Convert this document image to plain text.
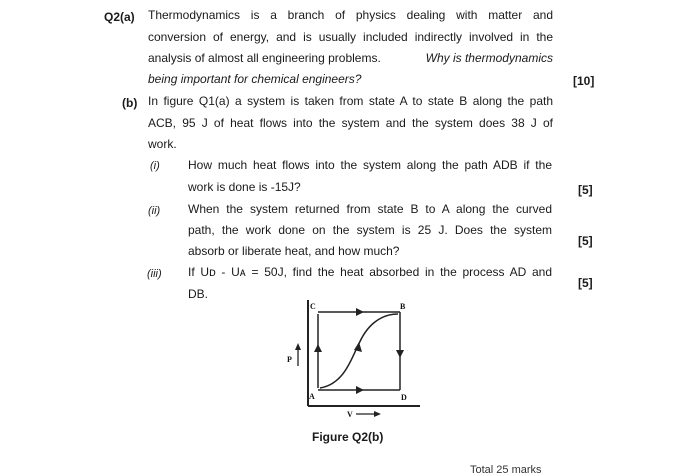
Q2(a) Thermodynamics is a branch of physics dealing with matter and
conversion of energy, and is usually included indirectly involved in the
analysis of almost all engineering problems.	Why is thermodynamics
being important for chemical engineers?	[10]
(b) In figure Q1(a) a system is taken from state A to state B along the path
ACB, 95 J of heat flows into the system and the system does 38 J of
work.
(i) How much heat flows into the system along the path ADB if the
work is done is -15J?	[5]
(ii) When the system returned from state B to A along the curved
path, the work done on the system is 25 J. Does the system
absorb or liberate heat, and how much?
[5]
(iii) If Uᴅ - Uᴀ = 50J, find the heat absorbed in the process AD and
DB.
[5]
A
B
C
D
P
V
Figure Q2(b)
Total 25 marks
